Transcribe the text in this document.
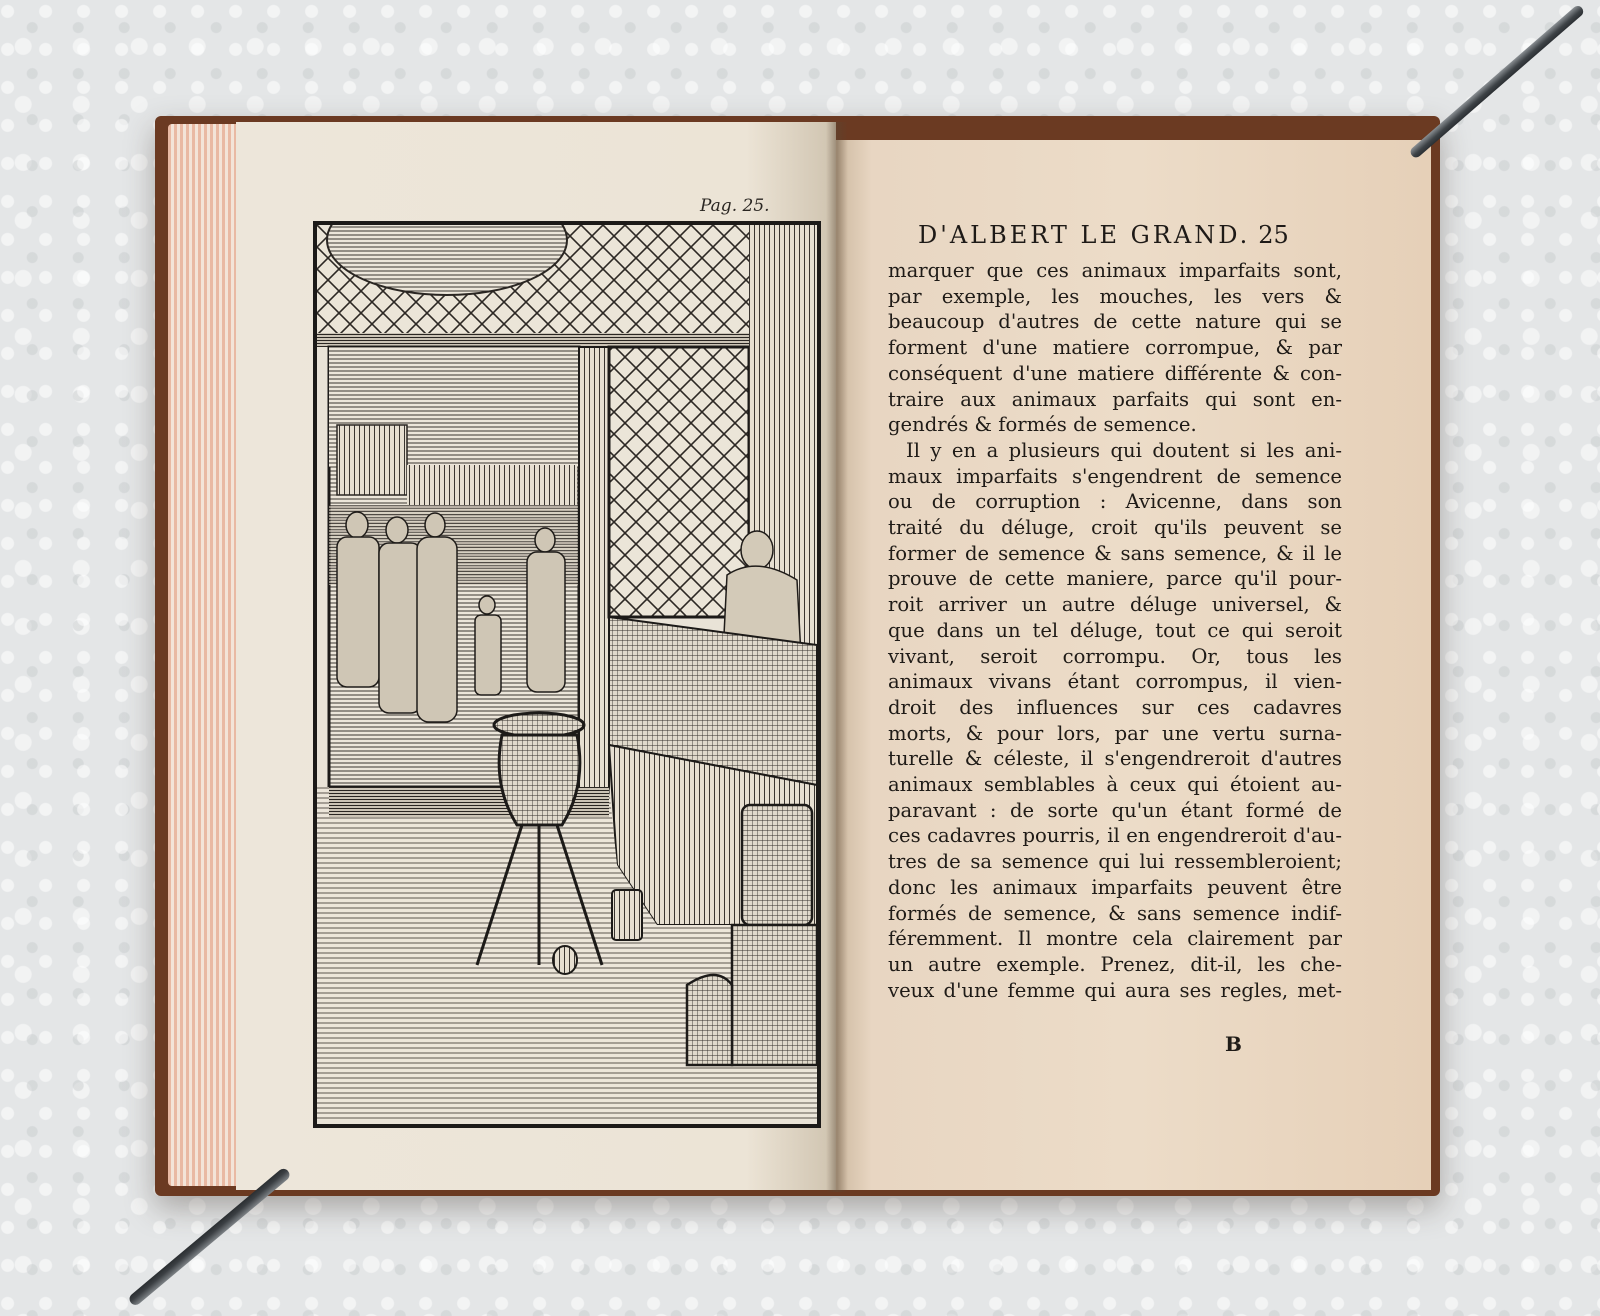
Pag. 25.
D'ALBERT LE GRAND. 25
marquer que ces animaux imparfaits sont,
par exemple, les mouches, les vers &
beaucoup d'autres de cette nature qui se
forment d'une matiere corrompue, & par
conséquent d'une matiere différente & con-
traire aux animaux parfaits qui sont en-
gendrés & formés de semence.
Il y en a plusieurs qui doutent si les ani-
maux imparfaits s'engendrent de semence
ou de corruption : Avicenne, dans son
traité du déluge, croit qu'ils peuvent se
former de semence & sans semence, & il le
prouve de cette maniere, parce qu'il pour-
roit arriver un autre déluge universel, &
que dans un tel déluge, tout ce qui seroit
vivant, seroit corrompu. Or, tous les
animaux vivans étant corrompus, il vien-
droit des influences sur ces cadavres
morts, & pour lors, par une vertu surna-
turelle & céleste, il s'engendreroit d'autres
animaux semblables à ceux qui étoient au-
paravant : de sorte qu'un étant formé de
ces cadavres pourris, il en engendreroit d'au-
tres de sa semence qui lui ressembleroient;
donc les animaux imparfaits peuvent être
formés de semence, & sans semence indif-
féremment. Il montre cela clairement par
un autre exemple. Prenez, dit-il, les che-
veux d'une femme qui aura ses regles, met-
B
